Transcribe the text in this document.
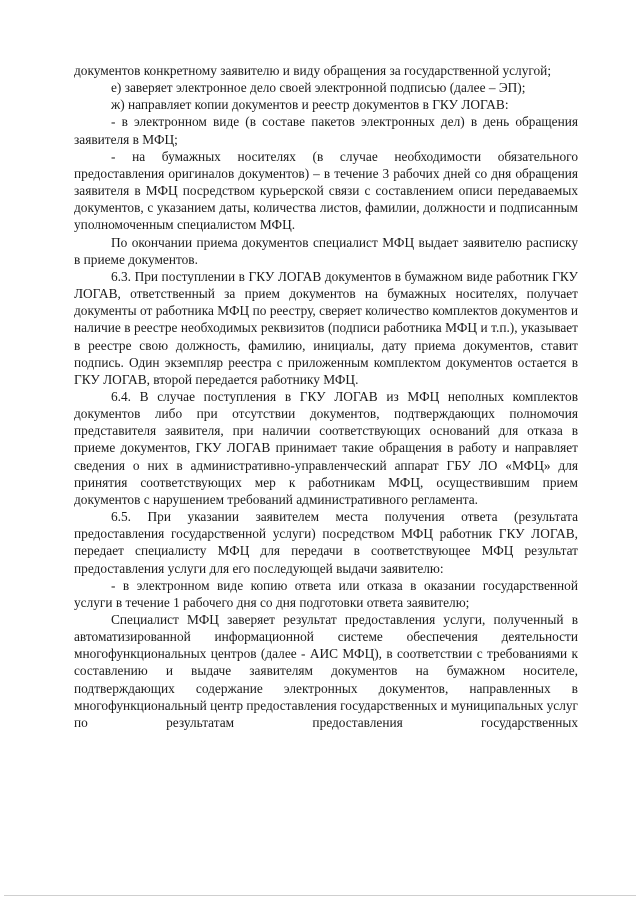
документов конкретному заявителю и виду обращения за государственной услугой;

е) заверяет электронное дело своей электронной подписью (далее – ЭП);

ж) направляет копии документов и реестр документов в ГКУ ЛОГАВ:

- в электронном виде (в составе пакетов электронных дел) в день обращения заявителя в МФЦ;

- на бумажных носителях (в случае необходимости обязательного предоставления оригиналов документов) – в течение 3 рабочих дней со дня обращения заявителя в МФЦ посредством курьерской связи с составлением описи передаваемых документов, с указанием даты, количества листов, фамилии, должности и подписанным уполномоченным специалистом МФЦ.

По окончании приема документов специалист МФЦ выдает заявителю расписку в приеме документов.

6.3. При поступлении в ГКУ ЛОГАВ документов в бумажном виде работник ГКУ ЛОГАВ, ответственный за прием документов на бумажных носителях, получает документы от работника МФЦ по реестру, сверяет количество комплектов документов и наличие в реестре необходимых реквизитов (подписи работника МФЦ и т.п.), указывает в реестре свою должность, фамилию, инициалы, дату приема документов, ставит подпись. Один экземпляр реестра с приложенным комплектом документов остается в ГКУ ЛОГАВ, второй передается работнику МФЦ.

6.4. В случае поступления в ГКУ ЛОГАВ из МФЦ неполных комплектов документов либо при отсутствии документов, подтверждающих полномочия представителя заявителя, при наличии соответствующих оснований для отказа в приеме документов, ГКУ ЛОГАВ принимает такие обращения в работу и направляет сведения о них в административно-управленческий аппарат ГБУ ЛО «МФЦ» для принятия соответствующих мер к работникам МФЦ, осуществившим прием документов с нарушением требований административного регламента.

6.5. При указании заявителем места получения ответа (результата предоставления государственной услуги) посредством МФЦ работник ГКУ ЛОГАВ, передает специалисту МФЦ для передачи в соответствующее МФЦ результат предоставления услуги для его последующей выдачи заявителю:

- в электронном виде копию ответа или отказа в оказании государственной услуги в течение 1 рабочего дня со дня подготовки ответа заявителю;

Специалист МФЦ заверяет результат предоставления услуги, полученный в автоматизированной информационной системе обеспечения деятельности многофункциональных центров (далее - АИС МФЦ), в соответствии с требованиями к составлению и выдаче заявителям документов на бумажном носителе, подтверждающих содержание электронных документов, направленных в многофункциональный центр предоставления государственных и муниципальных услуг по результатам предоставления государственных
